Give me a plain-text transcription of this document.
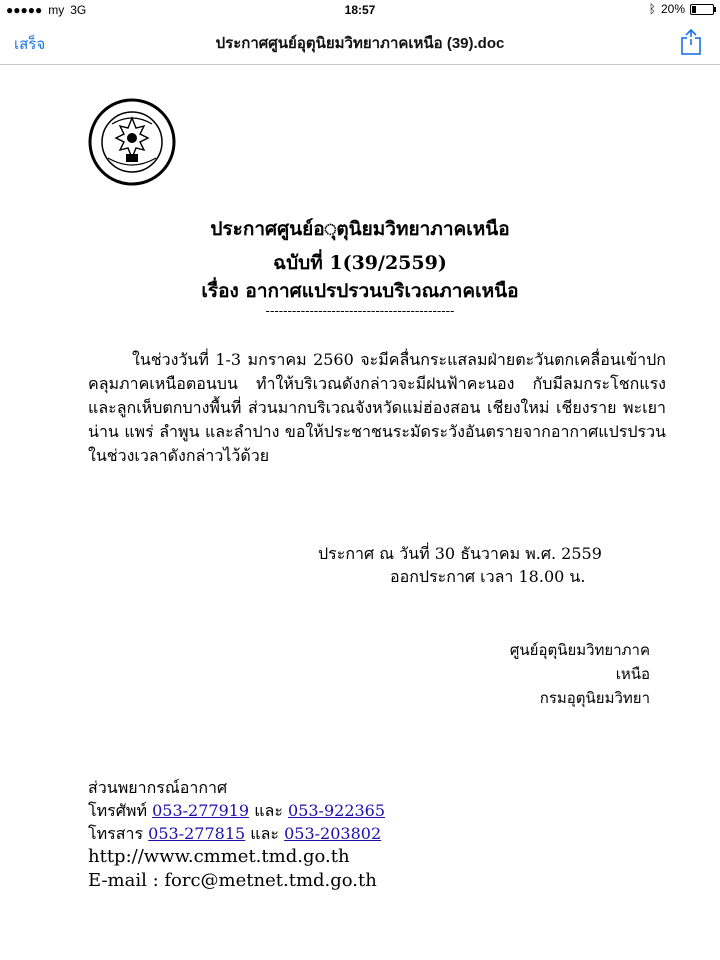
●●●●● my 3G	18:57	ᛒ 20%
เสร็จ	ประกาศศูนย์อุตุนิยมวิทยาภาคเหนือ (39).doc
ประกาศศูนย์อ◌ุตุนิยมวิทยาภาคเหนือ
ฉบับที่ 1(39/2559)
เรื่อง อากาศแปรปรวนบริเวณภาคเหนือ
-------------------------------------------
ในช่วงวันที่ 1-3 มกราคม 2560 จะมีคลื่นกระแสลมฝ่ายตะวันตกเคลื่อนเข้าปกคลุมภาคเหนือตอนบน ทำให้บริเวณดังกล่าวจะมีฝนฟ้าคะนอง กับมีลมกระโชกแรงและลูกเห็บตกบางพื้นที่ ส่วนมากบริเวณจังหวัดแม่ฮ่องสอน เชียงใหม่ เชียงราย พะเยา น่าน แพร่ ลำพูน และลำปาง ขอให้ประชาชนระมัดระวังอันตรายจากอากาศแปรปรวนในช่วงเวลาดังกล่าวไว้ด้วย
ประกาศ ณ วันที่ 30 ธันวาคม พ.ศ. 2559
ออกประกาศ เวลา 18.00 น.
ศูนย์อุตุนิยมวิทยาภาค
เหนือ
กรมอุตุนิยมวิทยา
ส่วนพยากรณ์อากาศ
โทรศัพท์ 053-277919 และ 053-922365
โทรสาร 053-277815 และ 053-203802
http://www.cmmet.tmd.go.th
E-mail : forc@metnet.tmd.go.th
